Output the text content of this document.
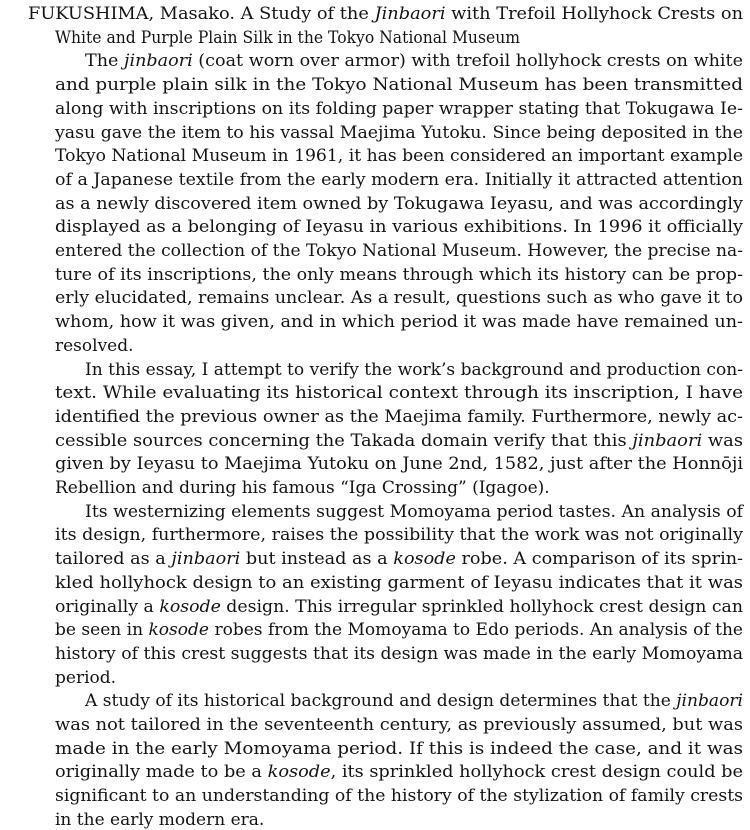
FUKUSHIMA, Masako. A Study of the Jinbaori with Trefoil Hollyhock Crests on
White and Purple Plain Silk in the Tokyo National Museum
The jinbaori (coat worn over armor) with trefoil hollyhock crests on white
and purple plain silk in the Tokyo National Museum has been transmitted
along with inscriptions on its folding paper wrapper stating that Tokugawa Ie-
yasu gave the item to his vassal Maejima Yutoku. Since being deposited in the
Tokyo National Museum in 1961, it has been considered an important example
of a Japanese textile from the early modern era. Initially it attracted attention
as a newly discovered item owned by Tokugawa Ieyasu, and was accordingly
displayed as a belonging of Ieyasu in various exhibitions. In 1996 it officially
entered the collection of the Tokyo National Museum. However, the precise na-
ture of its inscriptions, the only means through which its history can be prop-
erly elucidated, remains unclear. As a result, questions such as who gave it to
whom, how it was given, and in which period it was made have remained un-
resolved.
In this essay, I attempt to verify the work’s background and production con-
text. While evaluating its historical context through its inscription, I have
identified the previous owner as the Maejima family. Furthermore, newly ac-
cessible sources concerning the Takada domain verify that this jinbaori was
given by Ieyasu to Maejima Yutoku on June 2nd, 1582, just after the Honnōji
Rebellion and during his famous “Iga Crossing” (Igagoe).
Its westernizing elements suggest Momoyama period tastes. An analysis of
its design, furthermore, raises the possibility that the work was not originally
tailored as a jinbaori but instead as a kosode robe. A comparison of its sprin-
kled hollyhock design to an existing garment of Ieyasu indicates that it was
originally a kosode design. This irregular sprinkled hollyhock crest design can
be seen in kosode robes from the Momoyama to Edo periods. An analysis of the
history of this crest suggests that its design was made in the early Momoyama
period.
A study of its historical background and design determines that the jinbaori
was not tailored in the seventeenth century, as previously assumed, but was
made in the early Momoyama period. If this is indeed the case, and it was
originally made to be a kosode, its sprinkled hollyhock crest design could be
significant to an understanding of the history of the stylization of family crests
in the early modern era.
